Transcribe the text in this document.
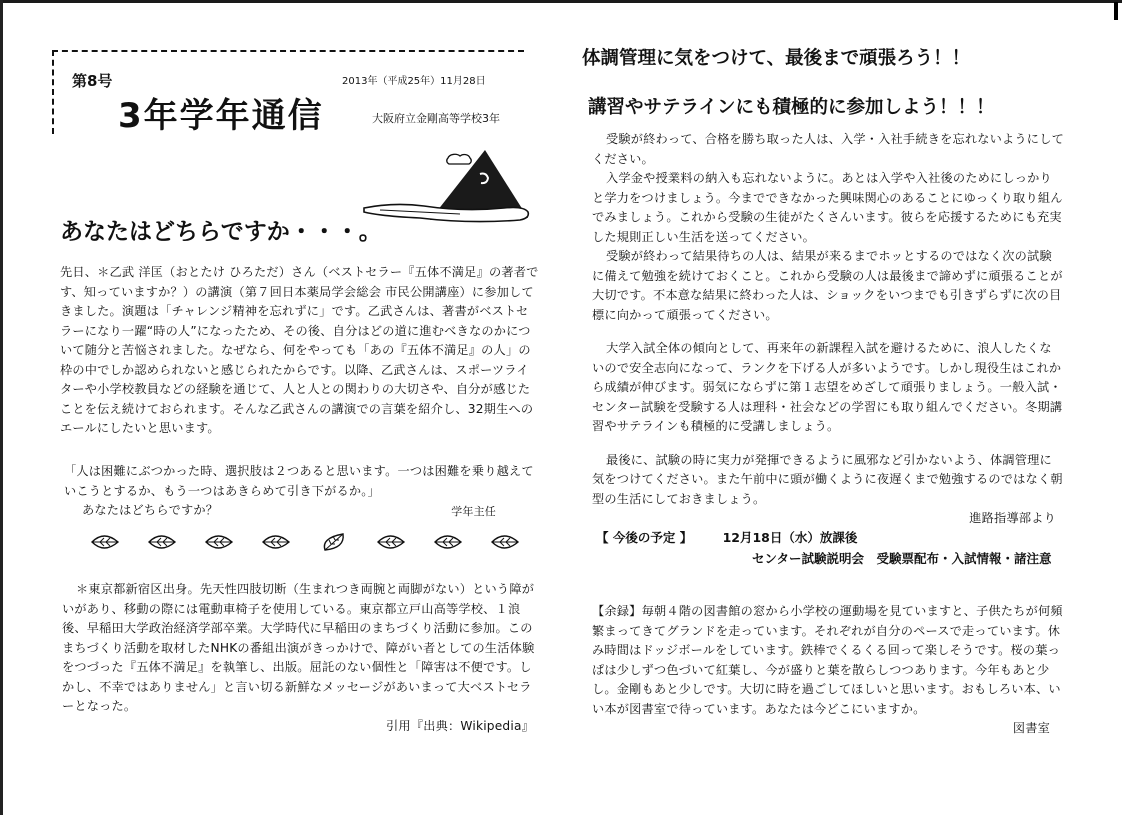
第8号	2013年（平成25年）11月28日
3年学年通信	大阪府立金剛高等学校3年
あなたはどちらですか・・・。
先日、＊乙武 洋匡（おとたけ ひろただ）さん（ベストセラー『五体不満足』の著者です、知っていますか？）の講演（第７回日本薬局学会総会 市民公開講座）に参加してきました。演題は「チャレンジ精神を忘れずに」です。乙武さんは、著書がベストセラーになり一躍“時の人”になったため、その後、自分はどの道に進むべきなのかについて随分と苦悩されました。なぜなら、何をやっても「あの『五体不満足』の人」の枠の中でしか認められないと感じられたからです。以降、乙武さんは、スポーツライターや小学校教員などの経験を通じて、人と人との関わりの大切さや、自分が感じたことを伝え続けておられます。そんな乙武さんの講演での言葉を紹介し、32期生へのエールにしたいと思います。

「人は困難にぶつかった時、選択肢は２つあると思います。一つは困難を乗り越えていこうとするか、もう一つはあきらめて引き下がるか。」

あなたはどちらですか？	学年主任

＊東京都新宿区出身。先天性四肢切断（生まれつき両腕と両脚がない）という障がいがあり、移動の際には電動車椅子を使用している。東京都立戸山高等学校、１浪後、早稲田大学政治経済学部卒業。大学時代に早稲田のまちづくり活動に参加。このまちづくり活動を取材したNHKの番組出演がきっかけで、障がい者としての生活体験をつづった『五体不満足』を執筆し、出版。屈託のない個性と「障害は不便です。しかし、不幸ではありません」と言い切る新鮮なメッセージがあいまって大ベストセラーとなった。

引用『出典：Wikipedia』
体調管理に気をつけて、最後まで頑張ろう！！
講習やサテラインにも積極的に参加しよう！！！

受験が終わって、合格を勝ち取った人は、入学・入社手続きを忘れないようにしてください。

入学金や授業料の納入も忘れないように。あとは入学や入社後のためにしっかりと学力をつけましょう。今までできなかった興味関心のあることにゆっくり取り組んでみましょう。これから受験の生徒がたくさんいます。彼らを応援するためにも充実した規則正しい生活を送ってください。

受験が終わって結果待ちの人は、結果が来るまでホッとするのではなく次の試験に備えて勉強を続けておくこと。これから受験の人は最後まで諦めずに頑張ることが大切です。不本意な結果に終わった人は、ショックをいつまでも引きずらずに次の目標に向かって頑張ってください。

大学入試全体の傾向として、再来年の新課程入試を避けるために、浪人したくないので安全志向になって、ランクを下げる人が多いようです。しかし現役生はこれから成績が伸びます。弱気にならずに第１志望をめざして頑張りましょう。一般入試・センター試験を受験する人は理科・社会などの学習にも取り組んでください。冬期講習やサテラインも積極的に受講しましょう。

最後に、試験の時に実力が発揮できるように風邪など引かないよう、体調管理に気をつけてください。また午前中に頭が働くように夜遅くまで勉強するのではなく朝型の生活にしておきましょう。

進路指導部より
【 今後の予定 】 12月18日（水）放課後
センター試験説明会　受験票配布・入試情報・諸注意

【余録】毎朝４階の図書館の窓から小学校の運動場を見ていますと、子供たちが何頻繁まってきてグランドを走っています。それぞれが自分のペースで走っています。休み時間はドッジボールをしています。鉄棒でくるくる回って楽しそうです。桜の葉っぱは少しずつ色づいて紅葉し、今が盛りと葉を散らしつつあります。今年もあと少し。金剛もあと少しです。大切に時を過ごしてほしいと思います。おもしろい本、いい本が図書室で待っています。あなたは今どこにいますか。

図書室
